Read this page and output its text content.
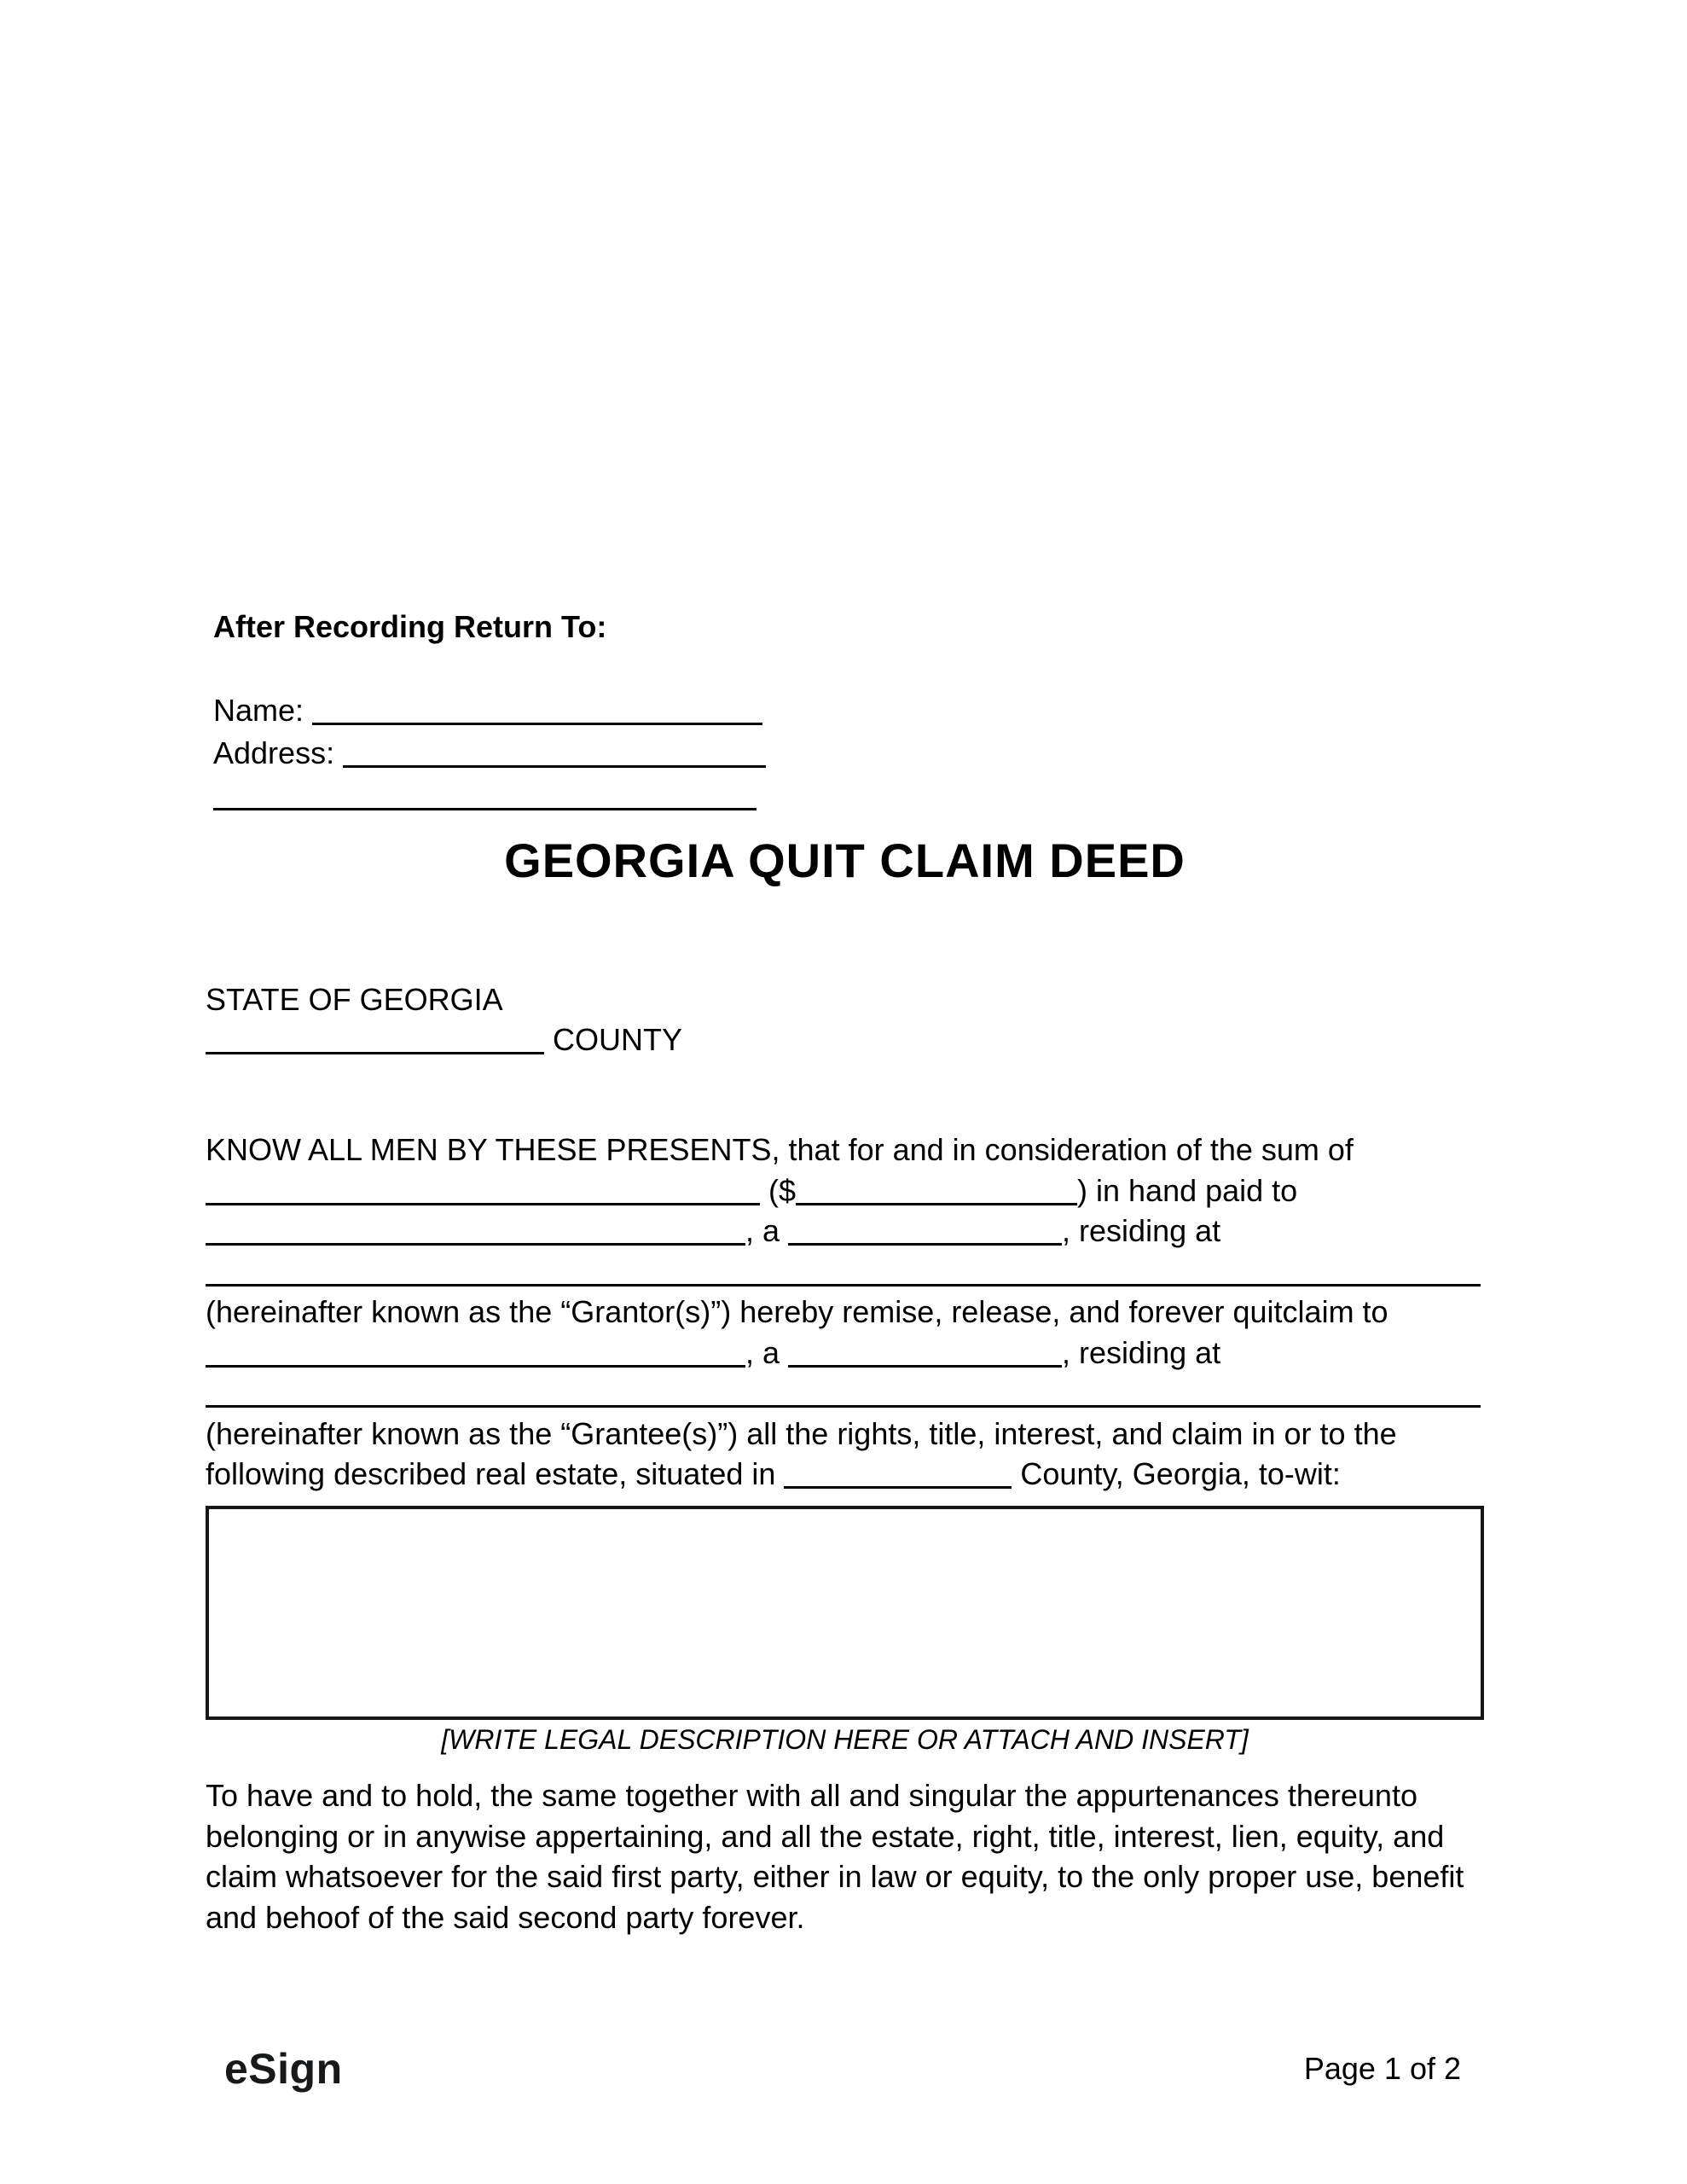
After Recording Return To:
Name:
Address:
GEORGIA QUIT CLAIM DEED
STATE OF GEORGIA
COUNTY
KNOW ALL MEN BY THESE PRESENTS, that for and in consideration of the sum of
($	) in hand paid to
, a	, residing at
(hereinafter known as the “Grantor(s)”) hereby remise, release, and forever quitclaim to
, a	, residing at
(hereinafter known as the “Grantee(s)”) all the rights, title, interest, and claim in or to the
following described real estate, situated in	County, Georgia, to-wit:
[WRITE LEGAL DESCRIPTION HERE OR ATTACH AND INSERT]
To have and to hold, the same together with all and singular the appurtenances thereunto
belonging or in anywise appertaining, and all the estate, right, title, interest, lien, equity, and
claim whatsoever for the said first party, either in law or equity, to the only proper use, benefit
and behoof of the said second party forever.
eSign	Page 1 of 2
